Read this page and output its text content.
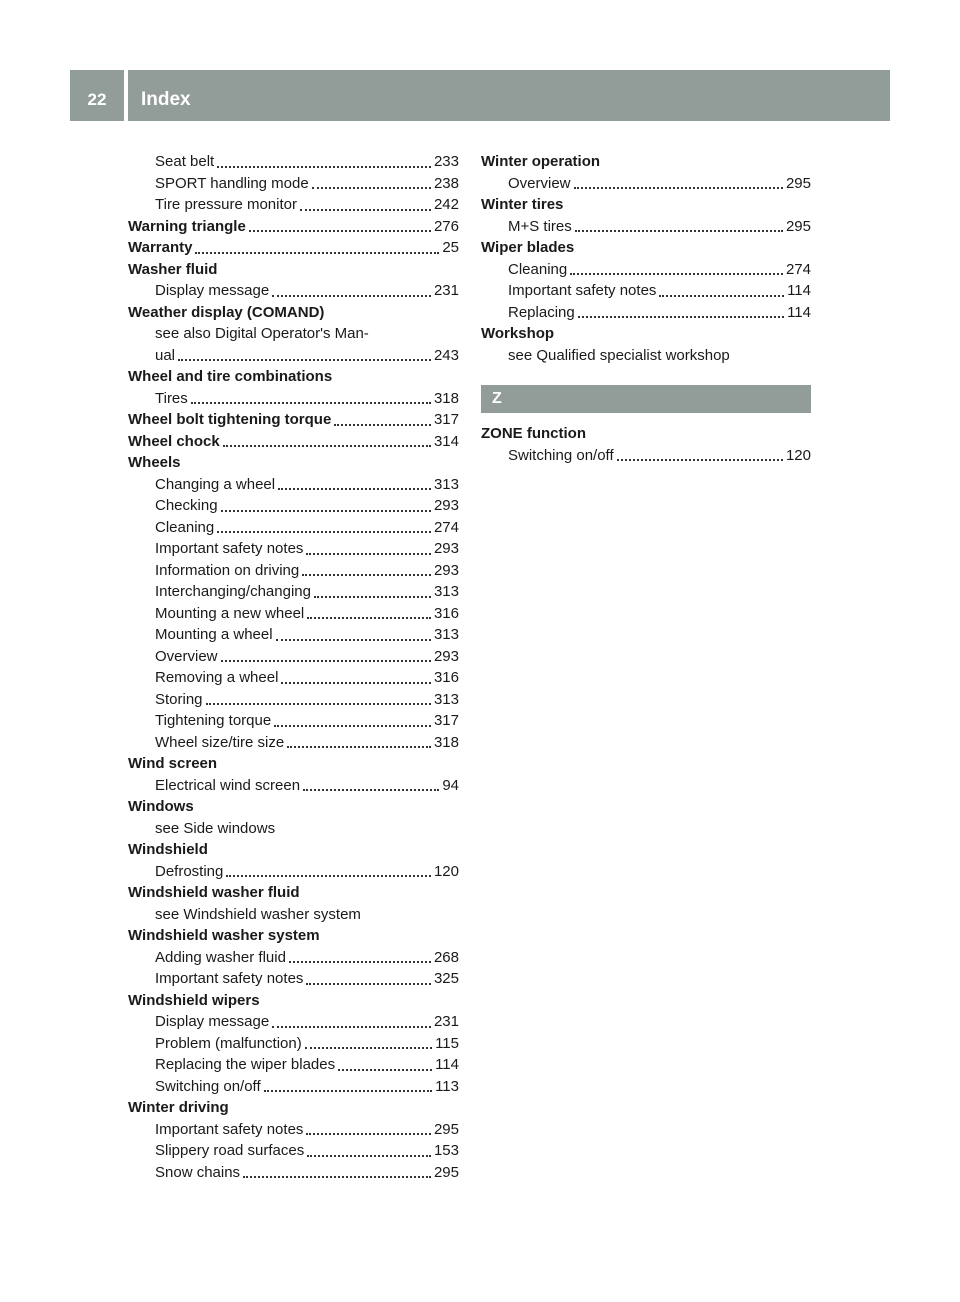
22	Index
Seat belt	233
SPORT handling mode	238
Tire pressure monitor	242
Warning triangle	276
Warranty	25
Washer fluid
Display message	231
Weather display (COMAND)
see also Digital Operator's Man-
ual	243
Wheel and tire combinations
Tires	318
Wheel bolt tightening torque	317
Wheel chock	314
Wheels
Changing a wheel	313
Checking	293
Cleaning	274
Important safety notes	293
Information on driving	293
Interchanging/changing	313
Mounting a new wheel	316
Mounting a wheel	313
Overview	293
Removing a wheel	316
Storing	313
Tightening torque	317
Wheel size/tire size	318
Wind screen
Electrical wind screen	94
Windows
see Side windows
Windshield
Defrosting	120
Windshield washer fluid
see Windshield washer system
Windshield washer system
Adding washer fluid	268
Important safety notes	325
Windshield wipers
Display message	231
Problem (malfunction)	115
Replacing the wiper blades	114
Switching on/off	113
Winter driving
Important safety notes	295
Slippery road surfaces	153
Snow chains	295
Winter operation
Overview	295
Winter tires
M+S tires	295
Wiper blades
Cleaning	274
Important safety notes	114
Replacing	114
Workshop
see Qualified specialist workshop
Z
ZONE function
Switching on/off	120
